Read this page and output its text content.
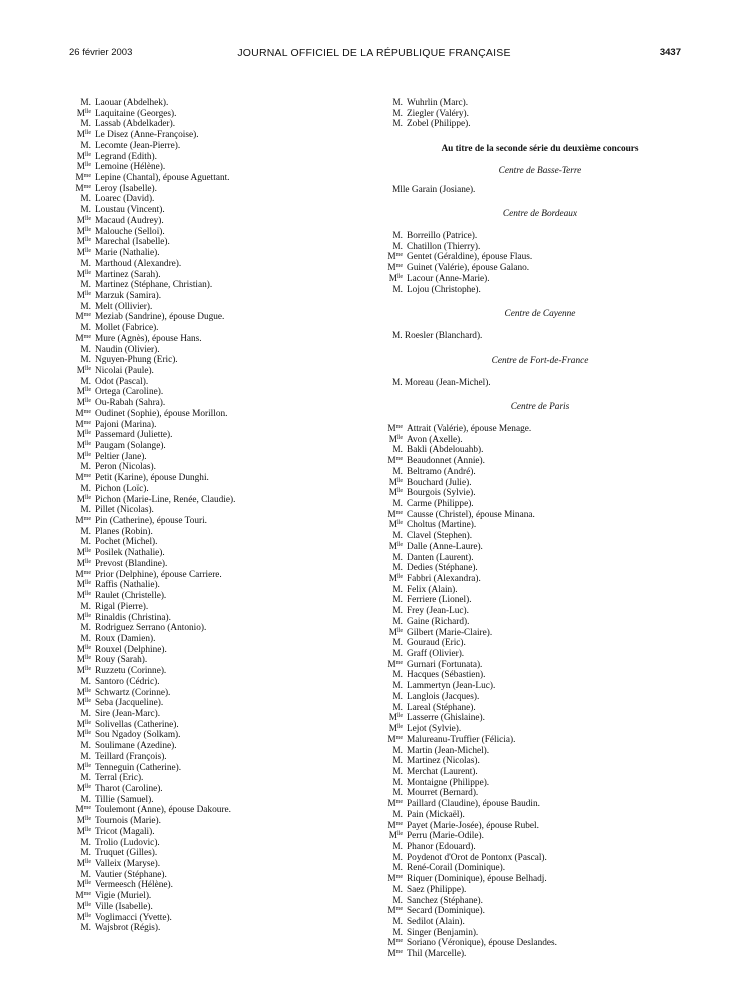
26 février 2003	JOURNAL OFFICIEL DE LA RÉPUBLIQUE FRANÇAISE	3437
M. Laouar (Abdelhek).
$M^{lle}$ Laquitaine (Georges).
M. Lassab (Abdelkader).
$M^{lle}$ Le Disez (Anne-Françoise).
M. Lecomte (Jean-Pierre).
$M^{lle}$ Legrand (Edith).
$M^{lle}$ Lemoine (Hélène).
$M^{me}$ Lepine (Chantal), épouse Aguettant.
$M^{me}$ Leroy (Isabelle).
M. Loarec (David).
M. Loustau (Vincent).
$M^{lle}$ Macaud (Audrey).
$M^{lle}$ Malouche (Selloi).
$M^{lle}$ Marechal (Isabelle).
$M^{lle}$ Marie (Nathalie).
M. Marthoud (Alexandre).
$M^{lle}$ Martinez (Sarah).
M. Martinez (Stéphane, Christian).
$M^{lle}$ Marzuk (Samira).
M. Melt (Ollivier).
$M^{me}$ Meziab (Sandrine), épouse Dugue.
M. Mollet (Fabrice).
$M^{me}$ Mure (Agnès), épouse Hans.
M. Naudin (Olivier).
M. Nguyen-Phung (Eric).
$M^{lle}$ Nicolai (Paule).
M. Odot (Pascal).
$M^{lle}$ Ortega (Caroline).
$M^{lle}$ Ou-Rabah (Sahra).
$M^{me}$ Oudinet (Sophie), épouse Morillon.
$M^{me}$ Pajoni (Marina).
$M^{lle}$ Passemard (Juliette).
$M^{lle}$ Paugam (Solange).
$M^{lle}$ Peltier (Jane).
M. Peron (Nicolas).
$M^{me}$ Petit (Karine), épouse Dunghi.
M. Pichon (Loïc).
$M^{lle}$ Pichon (Marie-Line, Renée, Claudie).
M. Pillet (Nicolas).
$M^{me}$ Pin (Catherine), épouse Touri.
M. Planes (Robin).
M. Pochet (Michel).
$M^{lle}$ Posilek (Nathalie).
$M^{lle}$ Prevost (Blandine).
$M^{me}$ Prior (Delphine), épouse Carriere.
$M^{lle}$ Raffis (Nathalie).
$M^{lle}$ Raulet (Christelle).
M. Rigal (Pierre).
$M^{lle}$ Rinaldis (Christina).
M. Rodriguez Serrano (Antonio).
M. Roux (Damien).
$M^{lle}$ Rouxel (Delphine).
$M^{lle}$ Rouy (Sarah).
$M^{lle}$ Ruzzetu (Corinne).
M. Santoro (Cédric).
$M^{lle}$ Schwartz (Corinne).
$M^{lle}$ Seba (Jacqueline).
M. Sire (Jean-Marc).
$M^{lle}$ Solivellas (Catherine).
$M^{lle}$ Sou Ngadoy (Solkam).
M. Soulimane (Azedine).
M. Teillard (François).
$M^{lle}$ Tenneguin (Catherine).
M. Terral (Eric).
$M^{lle}$ Tharot (Caroline).
M. Tillie (Samuel).
$M^{me}$ Toulemont (Anne), épouse Dakoure.
$M^{lle}$ Tournois (Marie).
$M^{lle}$ Tricot (Magali).
M. Trolio (Ludovic).
M. Truquet (Gilles).
$M^{lle}$ Valleix (Maryse).
M. Vautier (Stéphane).
$M^{lle}$ Vermeesch (Hélène).
$M^{me}$ Vigie (Muriel).
$M^{lle}$ Ville (Isabelle).
$M^{lle}$ Voglimacci (Yvette).
M. Wajsbrot (Régis).
M. Wuhrlin (Marc).
M. Ziegler (Valéry).
M. Zobel (Philippe).
Au titre de la seconde série du deuxième concours
Centre de Basse-Terre
Mlle Garain (Josiane).
Centre de Bordeaux
M. Borreillo (Patrice).
M. Chatillon (Thierry).
$M^{me}$ Gentet (Géraldine), épouse Flaus.
$M^{me}$ Guinet (Valérie), épouse Galano.
$M^{lle}$ Lacour (Anne-Marie).
M. Lojou (Christophe).
Centre de Cayenne
M. Roesler (Blanchard).
Centre de Fort-de-France
M. Moreau (Jean-Michel).
Centre de Paris
$M^{me}$ Attrait (Valérie), épouse Menage.
$M^{lle}$ Avon (Axelle).
M. Bakli (Abdelouahb).
$M^{me}$ Beaudonnet (Annie).
M. Beltramo (André).
$M^{lle}$ Bouchard (Julie).
$M^{lle}$ Bourgois (Sylvie).
M. Carme (Philippe).
$M^{me}$ Causse (Christel), épouse Minana.
$M^{lle}$ Choltus (Martine).
M. Clavel (Stephen).
$M^{lle}$ Dalle (Anne-Laure).
M. Danten (Laurent).
M. Dedies (Stéphane).
$M^{lle}$ Fabbri (Alexandra).
M. Felix (Alain).
M. Ferriere (Lionel).
M. Frey (Jean-Luc).
M. Gaine (Richard).
$M^{lle}$ Gilbert (Marie-Claire).
M. Gouraud (Eric).
M. Graff (Olivier).
$M^{me}$ Gurnari (Fortunata).
M. Hacques (Sébastien).
M. Lammertyn (Jean-Luc).
M. Langlois (Jacques).
M. Lareal (Stéphane).
$M^{lle}$ Lasserre (Ghislaine).
$M^{lle}$ Lejot (Sylvie).
$M^{me}$ Malureanu-Truffier (Félicia).
M. Martin (Jean-Michel).
M. Martinez (Nicolas).
M. Merchat (Laurent).
M. Montaigne (Philippe).
M. Mourret (Bernard).
$M^{me}$ Paillard (Claudine), épouse Baudin.
M. Pain (Mickaël).
$M^{me}$ Payet (Marie-Josée), épouse Rubel.
$M^{lle}$ Perru (Marie-Odile).
M. Phanor (Edouard).
M. Poydenot d'Orot de Pontonx (Pascal).
M. René-Corail (Dominique).
$M^{me}$ Riquer (Dominique), épouse Belhadj.
M. Saez (Philippe).
M. Sanchez (Stéphane).
$M^{me}$ Secard (Dominique).
M. Sedilot (Alain).
M. Singer (Benjamin).
$M^{me}$ Soriano (Véronique), épouse Deslandes.
$M^{me}$ Thil (Marcelle).
